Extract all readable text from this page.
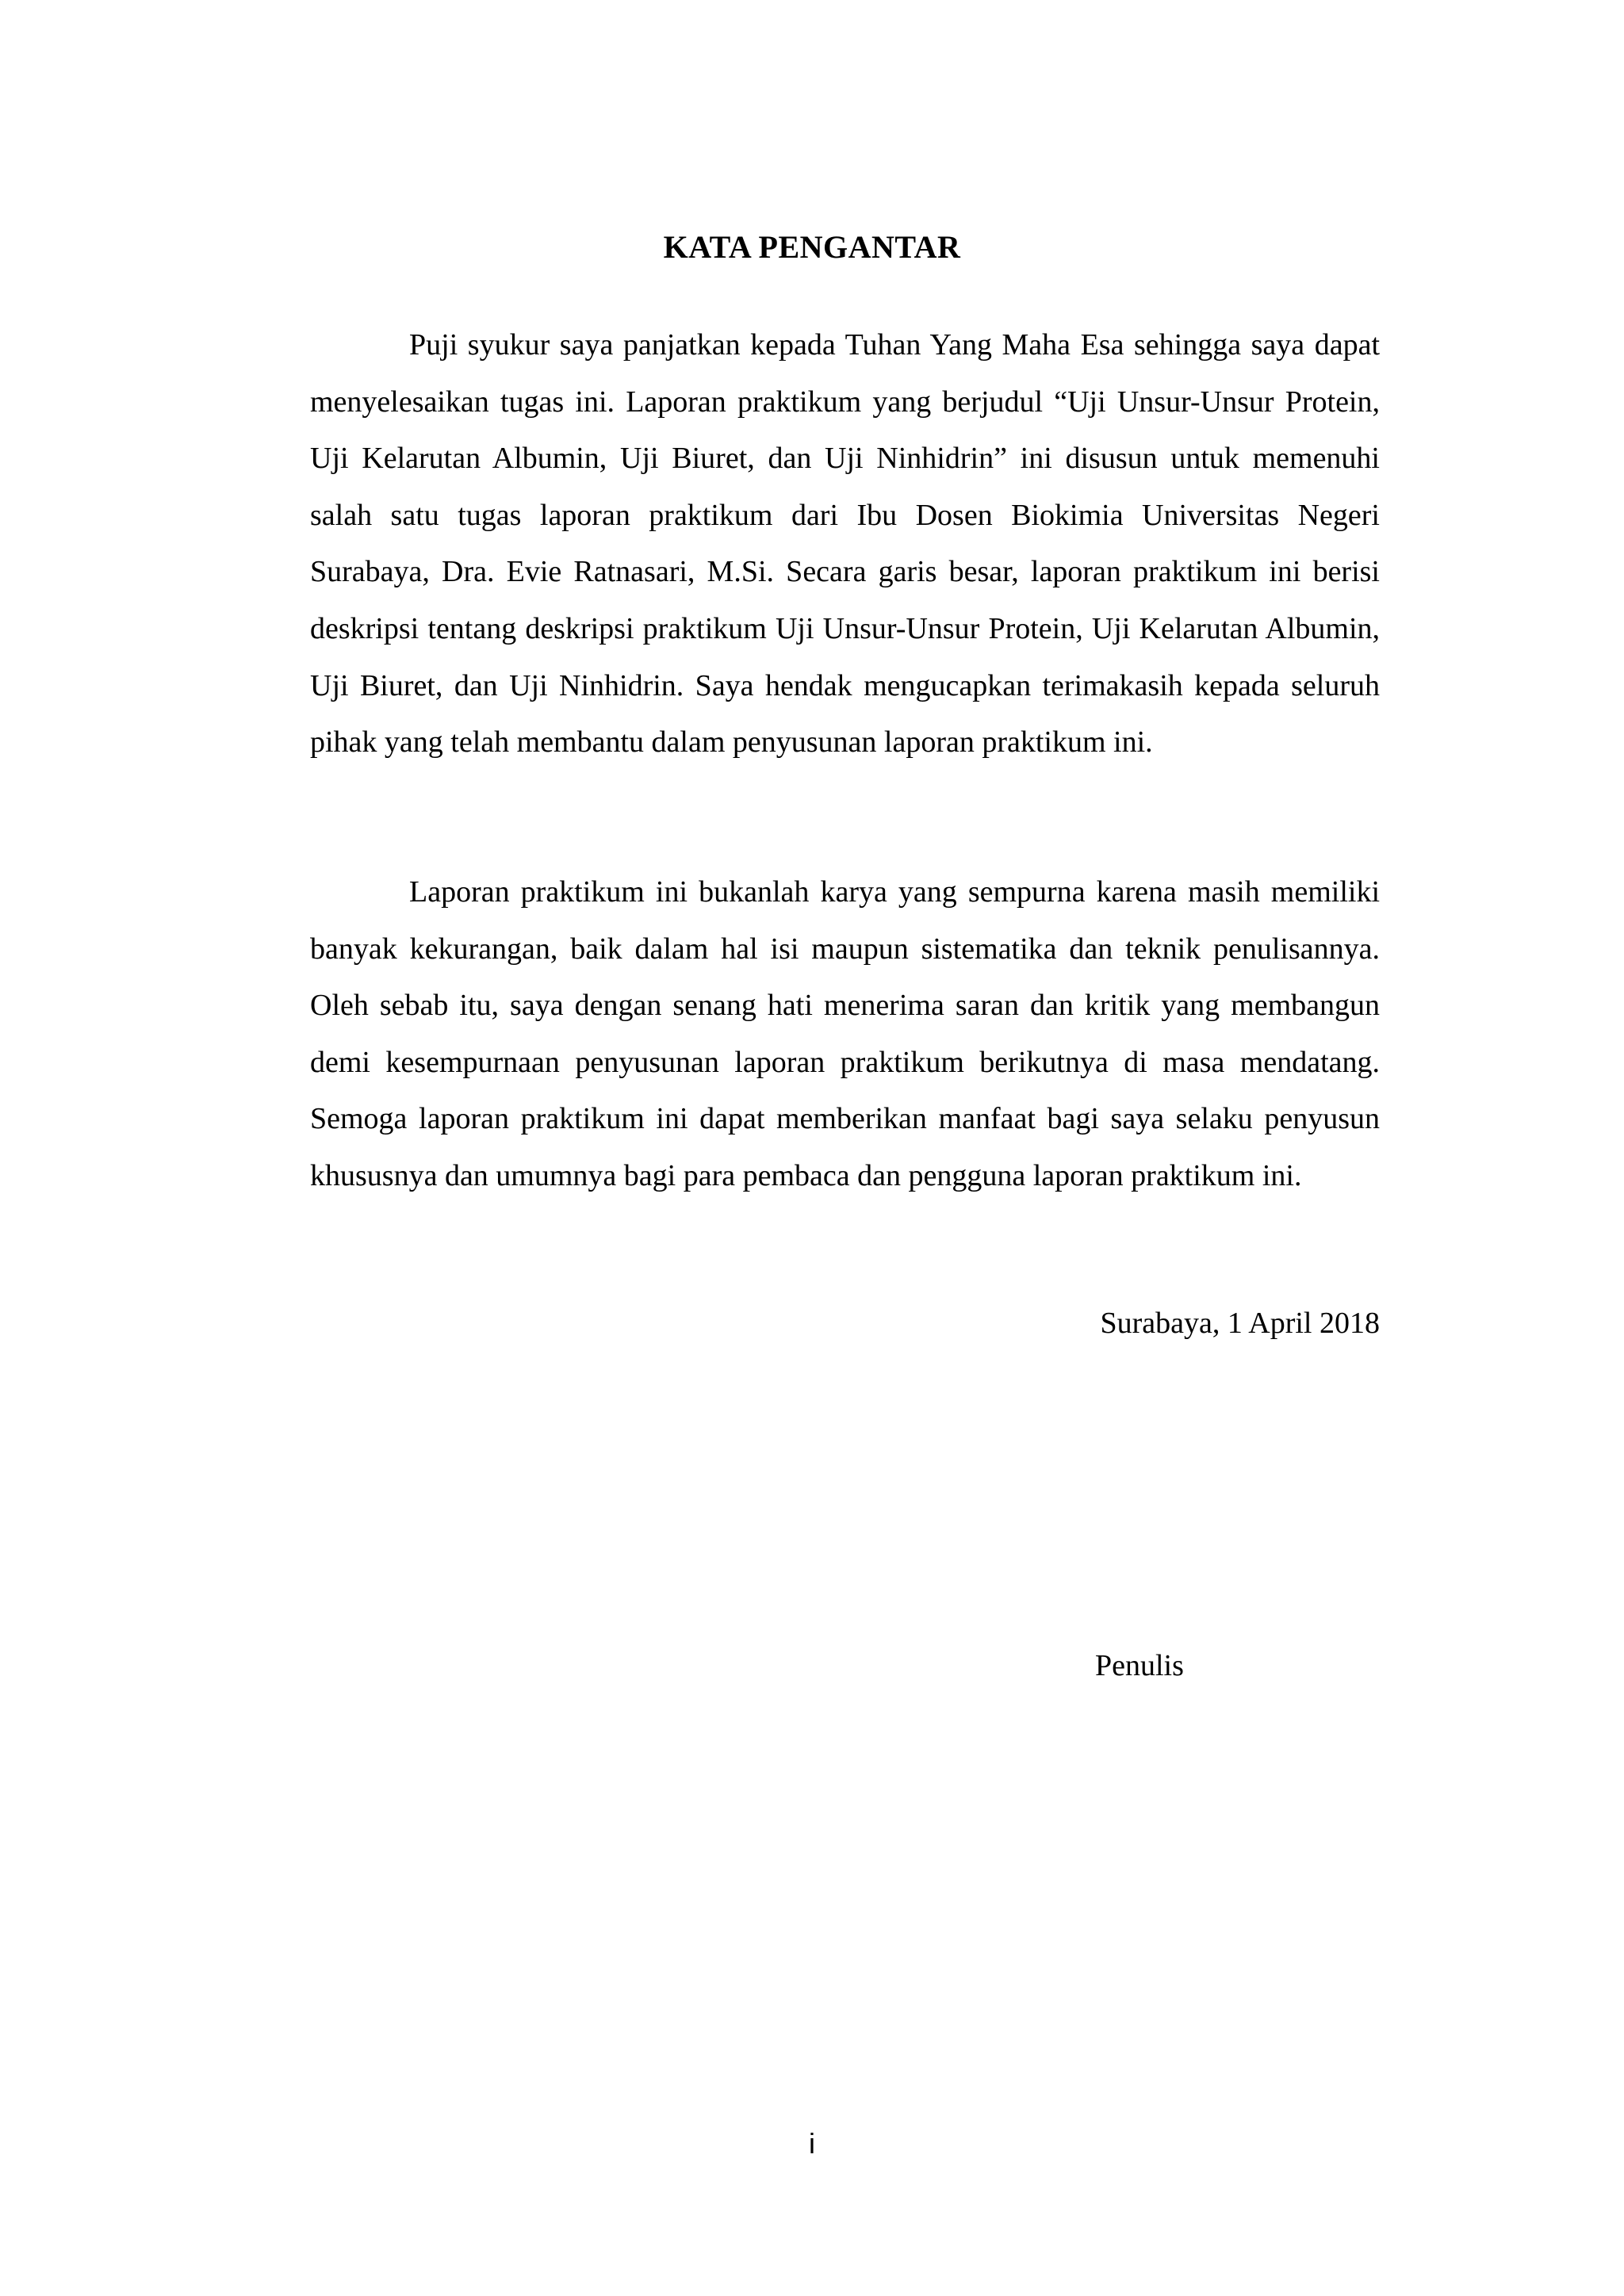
KATA PENGANTAR

Puji syukur saya panjatkan kepada Tuhan Yang Maha Esa sehingga saya dapat menyelesaikan tugas ini. Laporan praktikum yang berjudul “Uji Unsur-Unsur Protein, Uji Kelarutan Albumin, Uji Biuret, dan Uji Ninhidrin” ini disusun untuk memenuhi salah satu tugas laporan praktikum dari Ibu Dosen Biokimia Universitas Negeri Surabaya, Dra. Evie Ratnasari, M.Si. Secara garis besar, laporan praktikum ini berisi deskripsi tentang deskripsi praktikum Uji Unsur-Unsur Protein, Uji Kelarutan Albumin, Uji Biuret, dan Uji Ninhidrin. Saya hendak mengucapkan terimakasih kepada seluruh pihak yang telah membantu dalam penyusunan laporan praktikum ini.

Laporan praktikum ini bukanlah karya yang sempurna karena masih memiliki banyak kekurangan, baik dalam hal isi maupun sistematika dan teknik penulisannya. Oleh sebab itu, saya dengan senang hati menerima saran dan kritik yang membangun demi kesempurnaan penyusunan laporan praktikum berikutnya di masa mendatang. Semoga laporan praktikum ini dapat memberikan manfaat bagi saya selaku penyusun khususnya dan umumnya bagi para pembaca dan pengguna laporan praktikum ini.

Surabaya, 1 April 2018
Penulis
i
